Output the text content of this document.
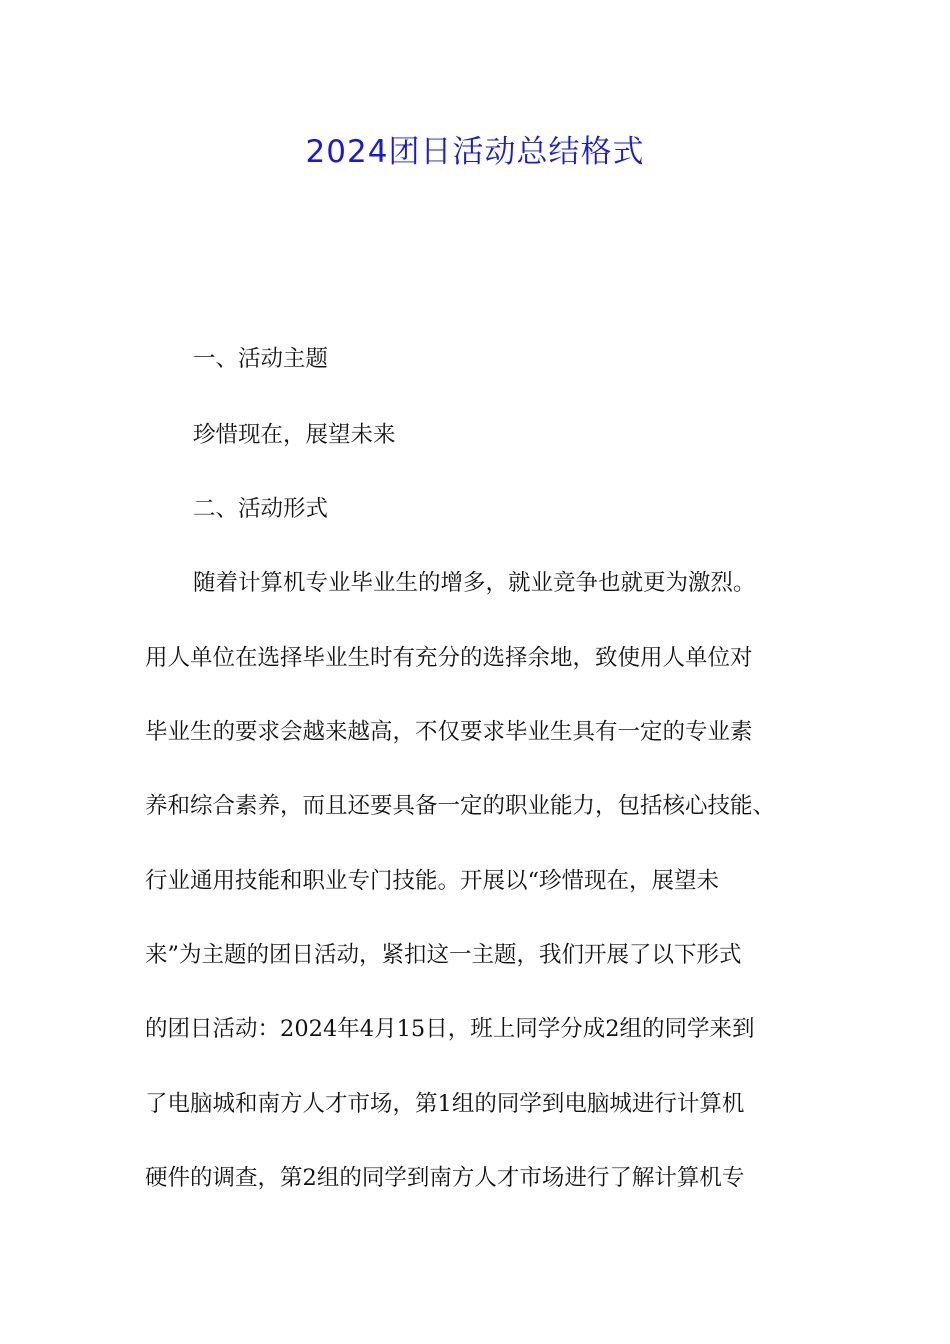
2024团日活动总结格式

一、活动主题

珍惜现在，展望未来

二、活动形式

随着计算机专业毕业生的增多，就业竞争也就更为激烈。

用人单位在选择毕业生时有充分的选择余地，致使用人单位对

毕业生的要求会越来越高，不仅要求毕业生具有一定的专业素

养和综合素养，而且还要具备一定的职业能力，包括核心技能、

行业通用技能和职业专门技能。开展以“珍惜现在，展望未

来”为主题的团日活动，紧扣这一主题，我们开展了以下形式

的团日活动：2024年4月15日，班上同学分成2组的同学来到

了电脑城和南方人才市场，第1组的同学到电脑城进行计算机

硬件的调查，第2组的同学到南方人才市场进行了解计算机专
